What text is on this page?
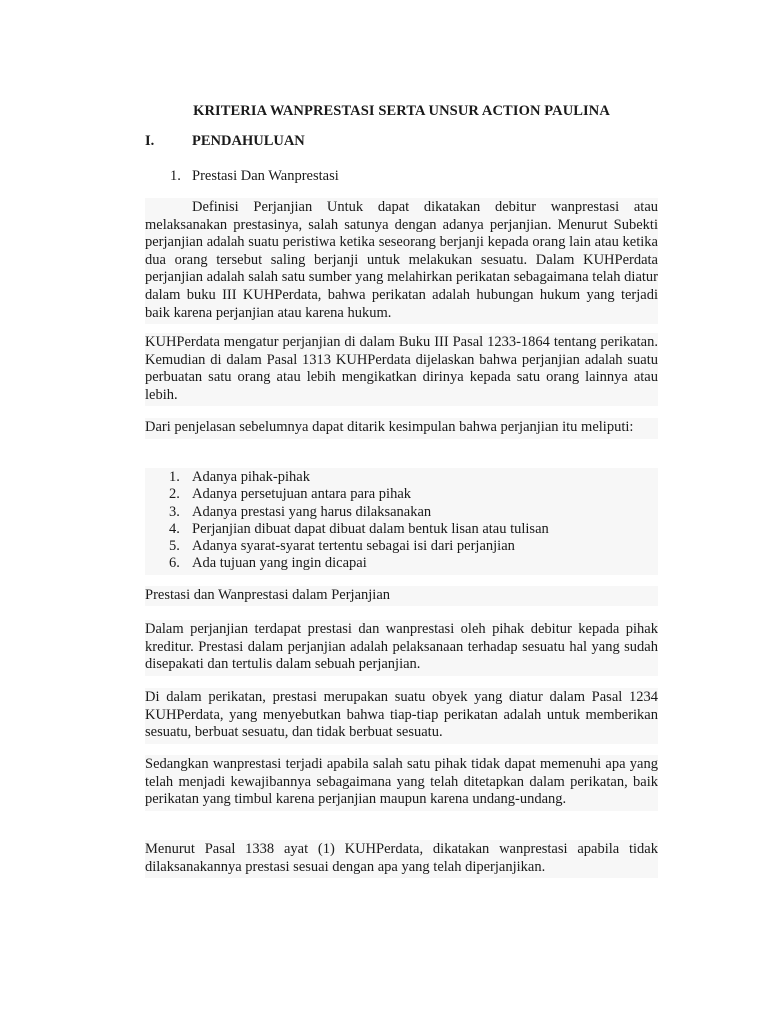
KRITERIA WANPRESTASI SERTA UNSUR ACTION PAULINA
I.	PENDAHULUAN
1. Prestasi Dan Wanprestasi
Definisi Perjanjian Untuk dapat dikatakan debitur wanprestasi atau melaksanakan prestasinya, salah satunya dengan adanya perjanjian. Menurut Subekti perjanjian adalah suatu peristiwa ketika seseorang berjanji kepada orang lain atau ketika dua orang tersebut saling berjanji untuk melakukan sesuatu. Dalam KUHPerdata perjanjian adalah salah satu sumber yang melahirkan perikatan sebagaimana telah diatur dalam buku III KUHPerdata, bahwa perikatan adalah hubungan hukum yang terjadi baik karena perjanjian atau karena hukum.
KUHPerdata mengatur perjanjian di dalam Buku III Pasal 1233-1864 tentang perikatan. Kemudian di dalam Pasal 1313 KUHPerdata dijelaskan bahwa perjanjian adalah suatu perbuatan satu orang atau lebih mengikatkan dirinya kepada satu orang lainnya atau lebih.
Dari penjelasan sebelumnya dapat ditarik kesimpulan bahwa perjanjian itu meliputi:
1. Adanya pihak-pihak
2. Adanya persetujuan antara para pihak
3. Adanya prestasi yang harus dilaksanakan
4. Perjanjian dibuat dapat dibuat dalam bentuk lisan atau tulisan
5. Adanya syarat-syarat tertentu sebagai isi dari perjanjian
6. Ada tujuan yang ingin dicapai
Prestasi dan Wanprestasi dalam Perjanjian
Dalam perjanjian terdapat prestasi dan wanprestasi oleh pihak debitur kepada pihak kreditur. Prestasi dalam perjanjian adalah pelaksanaan terhadap sesuatu hal yang sudah disepakati dan tertulis dalam sebuah perjanjian.
Di dalam perikatan, prestasi merupakan suatu obyek yang diatur dalam Pasal 1234 KUHPerdata, yang menyebutkan bahwa tiap-tiap perikatan adalah untuk memberikan sesuatu, berbuat sesuatu, dan tidak berbuat sesuatu.
Sedangkan wanprestasi terjadi apabila salah satu pihak tidak dapat memenuhi apa yang telah menjadi kewajibannya sebagaimana yang telah ditetapkan dalam perikatan, baik perikatan yang timbul karena perjanjian maupun karena undang-undang.
Menurut Pasal 1338 ayat (1) KUHPerdata, dikatakan wanprestasi apabila tidak dilaksanakannya prestasi sesuai dengan apa yang telah diperjanjikan.
